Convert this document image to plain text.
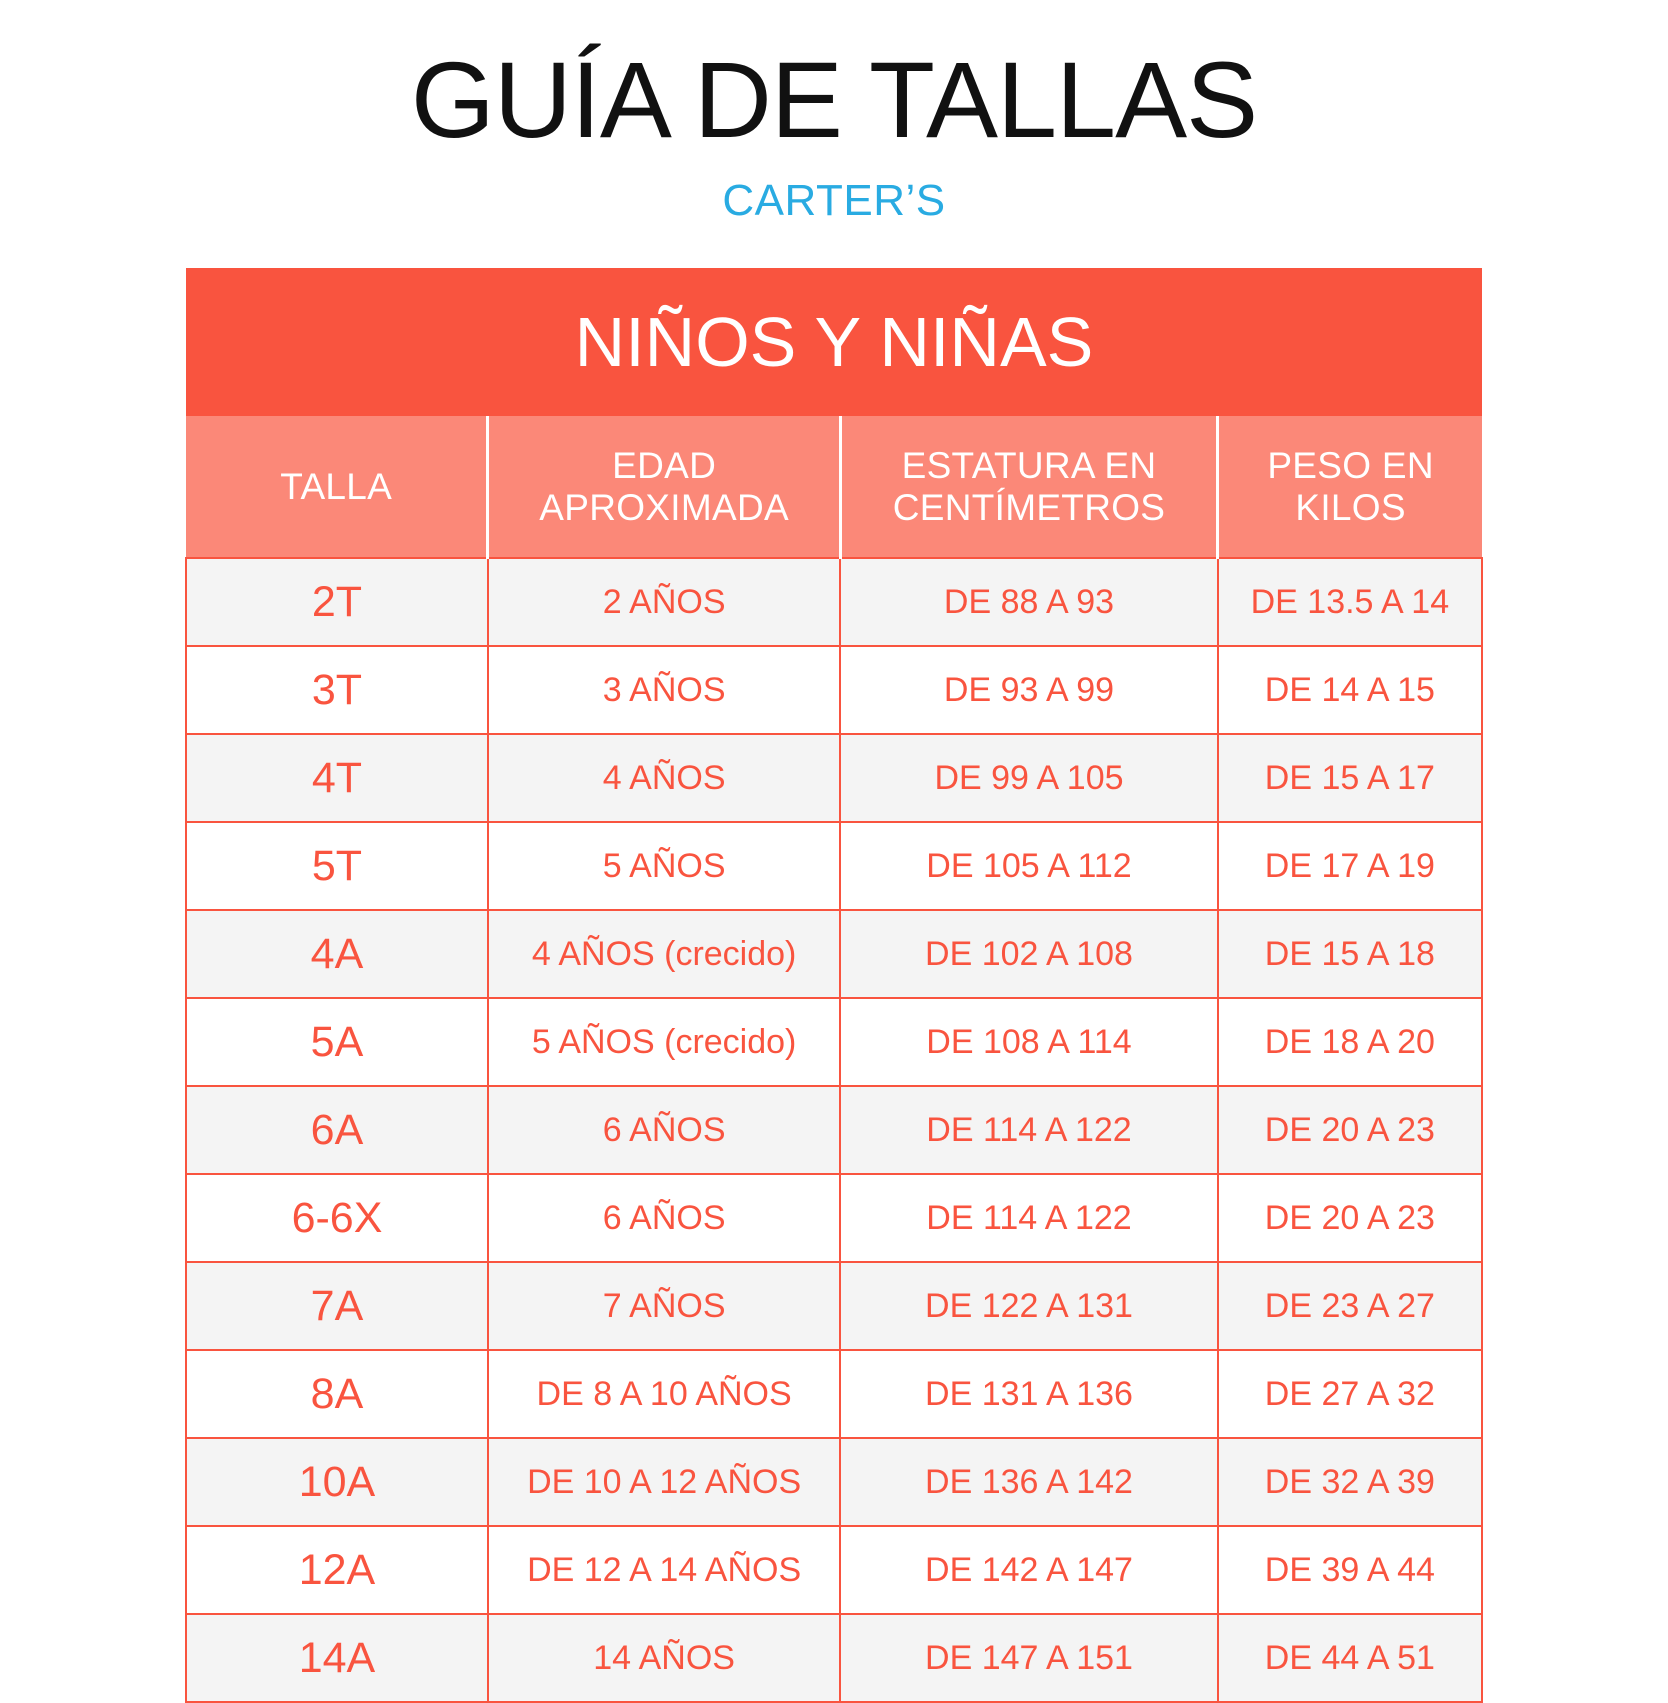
GUÍA DE TALLAS
CARTER’S
NIÑOS Y NIÑAS			
TALLA	EDAD APROXIMADA	ESTATURA EN CENTÍMETROS	PESO EN KILOS
2T	2 AÑOS	DE 88 A 93	DE 13.5 A 14
3T	3 AÑOS	DE 93 A 99	DE 14 A 15
4T	4 AÑOS	DE 99 A 105	DE 15 A 17
5T	5 AÑOS	DE 105 A 112	DE 17 A 19
4A	4 AÑOS (crecido)	DE 102 A 108	DE 15 A 18
5A	5 AÑOS (crecido)	DE 108 A 114	DE 18 A 20
6A	6 AÑOS	DE 114 A 122	DE 20 A 23
6-6X	6 AÑOS	DE 114 A 122	DE 20 A 23
7A	7 AÑOS	DE 122 A 131	DE 23 A 27
8A	DE 8 A 10 AÑOS	DE 131 A 136	DE 27 A 32
10A	DE 10 A 12 AÑOS	DE 136 A 142	DE 32 A 39
12A	DE 12 A 14 AÑOS	DE 142 A 147	DE 39 A 44
14A	14 AÑOS	DE 147 A 151	DE 44 A 51
